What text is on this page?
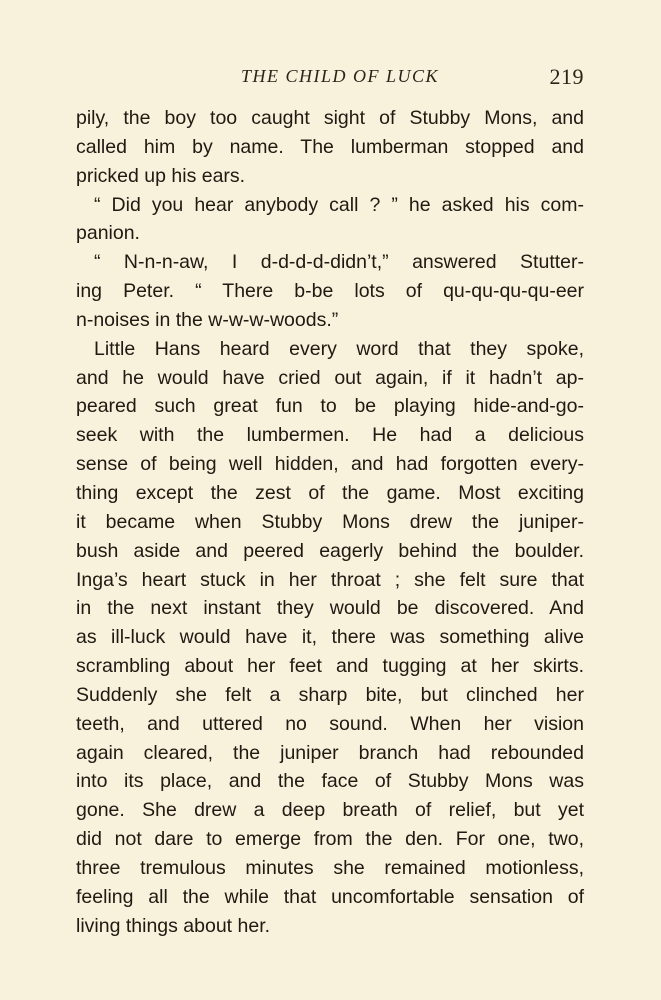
THE CHILD OF LUCK	219
pily, the boy too caught sight of Stubby Mons, and
called him by name. The lumberman stopped and
pricked up his ears.
“ Did you hear anybody call ? ” he asked his com-
panion.
“ N-n-n-aw, I d-d-d-d-didn’t,” answered Stutter-
ing Peter. “ There b-be lots of qu-qu-qu-qu-eer
n-noises in the w-w-w-woods.”
Little Hans heard every word that they spoke,
and he would have cried out again, if it hadn’t ap-
peared such great fun to be playing hide-and-go-
seek with the lumbermen. He had a delicious
sense of being well hidden, and had forgotten every-
thing except the zest of the game. Most exciting
it became when Stubby Mons drew the juniper-
bush aside and peered eagerly behind the boulder.
Inga’s heart stuck in her throat ; she felt sure that
in the next instant they would be discovered. And
as ill-luck would have it, there was something alive
scrambling about her feet and tugging at her skirts.
Suddenly she felt a sharp bite, but clinched her
teeth, and uttered no sound. When her vision
again cleared, the juniper branch had rebounded
into its place, and the face of Stubby Mons was
gone. She drew a deep breath of relief, but yet
did not dare to emerge from the den. For one, two,
three tremulous minutes she remained motionless,
feeling all the while that uncomfortable sensation of
living things about her.
